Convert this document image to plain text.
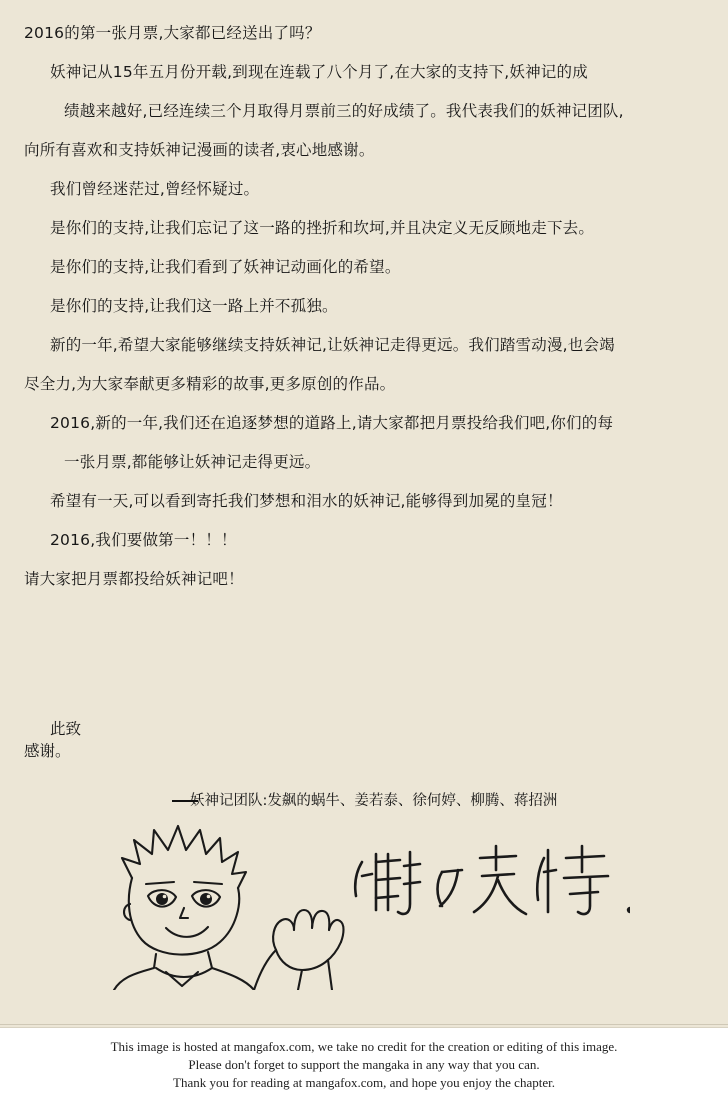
2016的第一张月票,大家都已经送出了吗？
妖神记从15年五月份开载,到现在连载了八个月了,在大家的支持下,妖神记的成
绩越来越好,已经连续三个月取得月票前三的好成绩了。我代表我们的妖神记团队,
向所有喜欢和支持妖神记漫画的读者,衷心地感谢。
我们曾经迷茫过,曾经怀疑过。
是你们的支持,让我们忘记了这一路的挫折和坎坷,并且决定义无反顾地走下去。
是你们的支持,让我们看到了妖神记动画化的希望。
是你们的支持,让我们这一路上并不孤独。
新的一年,希望大家能够继续支持妖神记,让妖神记走得更远。我们踏雪动漫,也会竭
尽全力,为大家奉献更多精彩的故事,更多原创的作品。
2016,新的一年,我们还在追逐梦想的道路上,请大家都把月票投给我们吧,你们的每
一张月票,都能够让妖神记走得更远。
希望有一天,可以看到寄托我们梦想和泪水的妖神记,能够得到加冕的皇冠！
2016,我们要做第一！！！
请大家把月票都投给妖神记吧！
此致
感谢。
妖神记团队:发飙的蜗牛、姜若泰、徐何婷、柳腾、蒋招洲
This image is hosted at mangafox.com, we take no credit for the creation or editing of this image.
Please don't forget to support the mangaka in any way that you can.
Thank you for reading at mangafox.com, and hope you enjoy the chapter.
